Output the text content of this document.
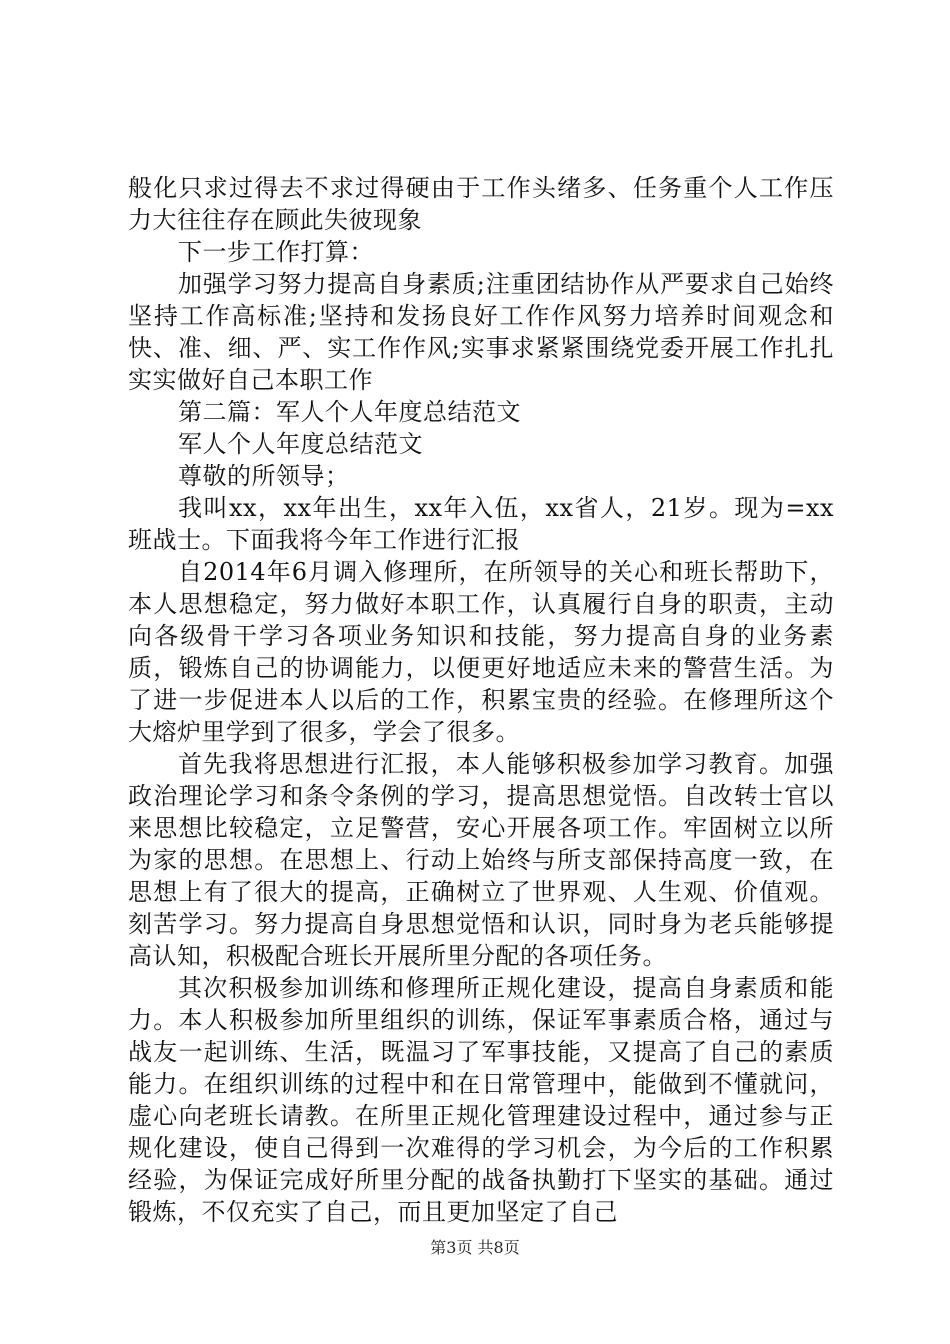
般化只求过得去不求过得硬由于工作头绪多、任务重个人工作压力大往往存在顾此失彼现象

下一步工作打算：

加强学习努力提高自身素质;注重团结协作从严要求自己始终坚持工作高标准;坚持和发扬良好工作作风努力培养时间观念和快、准、细、严、实工作作风;实事求紧紧围绕党委开展工作扎扎实实做好自己本职工作

第二篇：军人个人年度总结范文

军人个人年度总结范文

尊敬的所领导；

我叫xx，xx年出生，xx年入伍，xx省人，21岁。现为=xx班战士。下面我将今年工作进行汇报

自2014年6月调入修理所，在所领导的关心和班长帮助下，本人思想稳定，努力做好本职工作，认真履行自身的职责，主动向各级骨干学习各项业务知识和技能，努力提高自身的业务素质，锻炼自己的协调能力，以便更好地适应未来的警营生活。为了进一步促进本人以后的工作，积累宝贵的经验。在修理所这个大熔炉里学到了很多，学会了很多。

首先我将思想进行汇报，本人能够积极参加学习教育。加强政治理论学习和条令条例的学习，提高思想觉悟。自改转士官以来思想比较稳定，立足警营，安心开展各项工作。牢固树立以所为家的思想。在思想上、行动上始终与所支部保持高度一致，在思想上有了很大的提高，正确树立了世界观、人生观、价值观。刻苦学习。努力提高自身思想觉悟和认识，同时身为老兵能够提高认知，积极配合班长开展所里分配的各项任务。

其次积极参加训练和修理所正规化建设，提高自身素质和能力。本人积极参加所里组织的训练，保证军事素质合格，通过与战友一起训练、生活，既温习了军事技能，又提高了自己的素质能力。在组织训练的过程中和在日常管理中，能做到不懂就问，虚心向老班长请教。在所里正规化管理建设过程中，通过参与正规化建设，使自己得到一次难得的学习机会，为今后的工作积累经验，为保证完成好所里分配的战备执勤打下坚实的基础。通过锻炼，不仅充实了自己，而且更加坚定了自己

第3页 共8页
